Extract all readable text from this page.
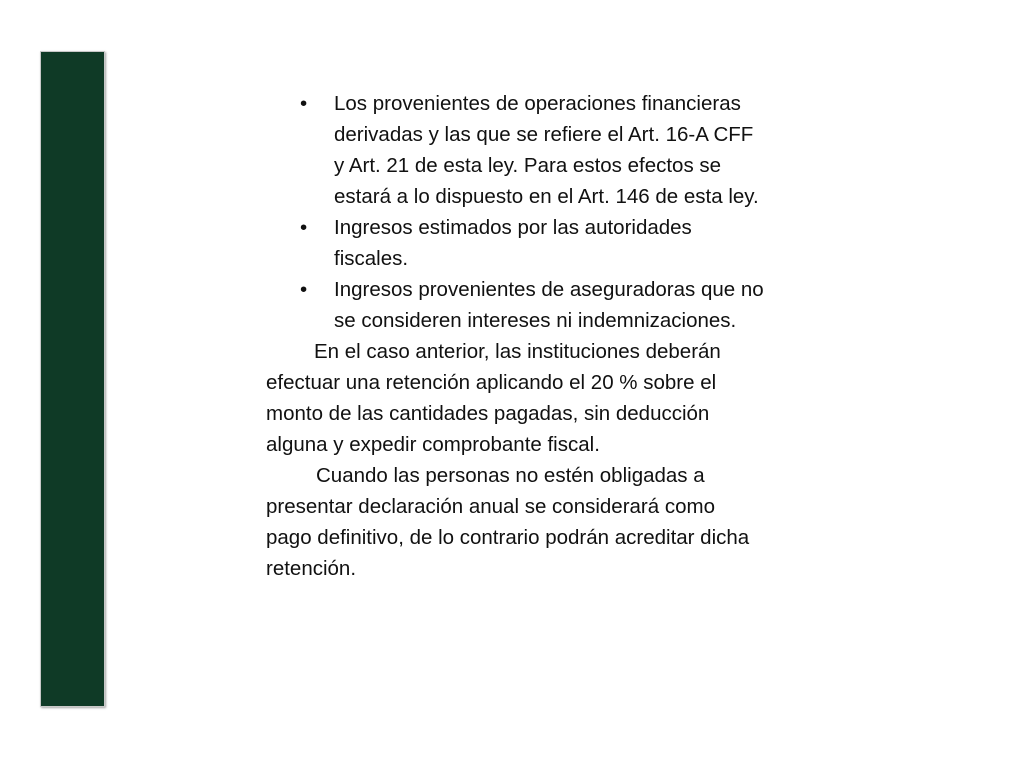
• Los provenientes de operaciones financieras derivadas y las que se refiere el Art. 16-A CFF y Art. 21 de esta ley. Para estos efectos se estará a lo dispuesto en el Art. 146 de esta ley.
• Ingresos estimados por las autoridades fiscales.
• Ingresos provenientes de aseguradoras que no se consideren intereses ni indemnizaciones.

En el caso anterior, las instituciones deberán efectuar una retención aplicando el 20 % sobre el monto de las cantidades pagadas, sin deducción alguna y expedir comprobante fiscal.

Cuando las personas no estén obligadas a presentar declaración anual se considerará como pago definitivo, de lo contrario podrán acreditar dicha retención.
